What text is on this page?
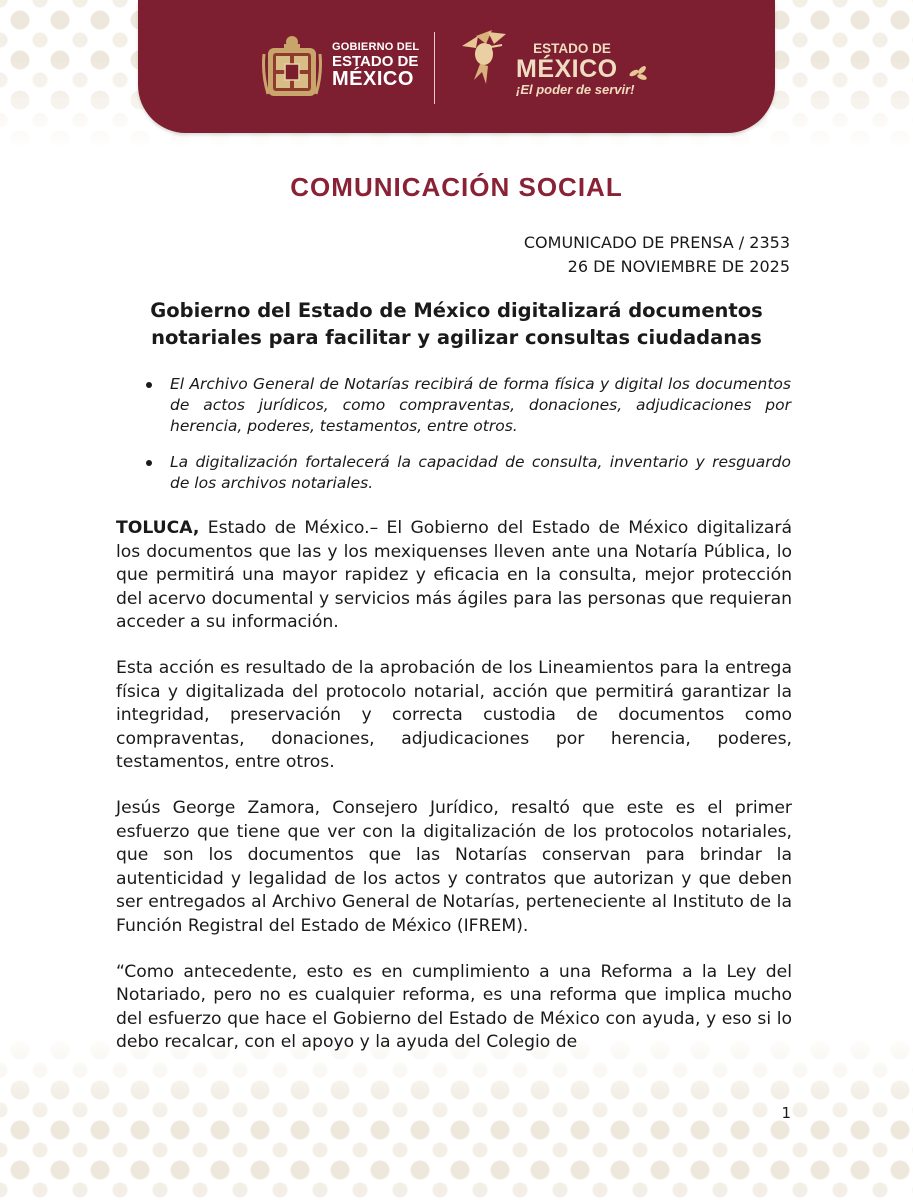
GOBIERNO DEL
ESTADO DE
MÉXICO
ESTADO DE
MÉXICO
¡El poder de servir!
COMUNICACIÓN SOCIAL
COMUNICADO DE PRENSA / 2353
26 DE NOVIEMBRE DE 2025
Gobierno del Estado de México digitalizará documentos notariales para facilitar y agilizar consultas ciudadanas
El Archivo General de Notarías recibirá de forma física y digital los documentos de actos jurídicos, como compraventas, donaciones, adjudicaciones por herencia, poderes, testamentos, entre otros.
La digitalización fortalecerá la capacidad de consulta, inventario y resguardo de los archivos notariales.

TOLUCA, Estado de México.– El Gobierno del Estado de México digitalizará los documentos que las y los mexiquenses lleven ante una Notaría Pública, lo que permitirá una mayor rapidez y eficacia en la consulta, mejor protección del acervo documental y servicios más ágiles para las personas que requieran acceder a su información.

Esta acción es resultado de la aprobación de los Lineamientos para la entrega física y digitalizada del protocolo notarial, acción que permitirá garantizar la integridad, preservación y correcta custodia de documentos como compraventas, donaciones, adjudicaciones por herencia, poderes, testamentos, entre otros.

Jesús George Zamora, Consejero Jurídico, resaltó que este es el primer esfuerzo que tiene que ver con la digitalización de los protocolos notariales, que son los documentos que las Notarías conservan para brindar la autenticidad y legalidad de los actos y contratos que autorizan y que deben ser entregados al Archivo General de Notarías, perteneciente al Instituto de la Función Registral del Estado de México (IFREM).

“Como antecedente, esto es en cumplimiento a una Reforma a la Ley del Notariado, pero no es cualquier reforma, es una reforma que implica mucho del esfuerzo que hace el Gobierno del Estado de México con ayuda, y eso si lo debo recalcar, con el apoyo y la ayuda del Colegio de

1
